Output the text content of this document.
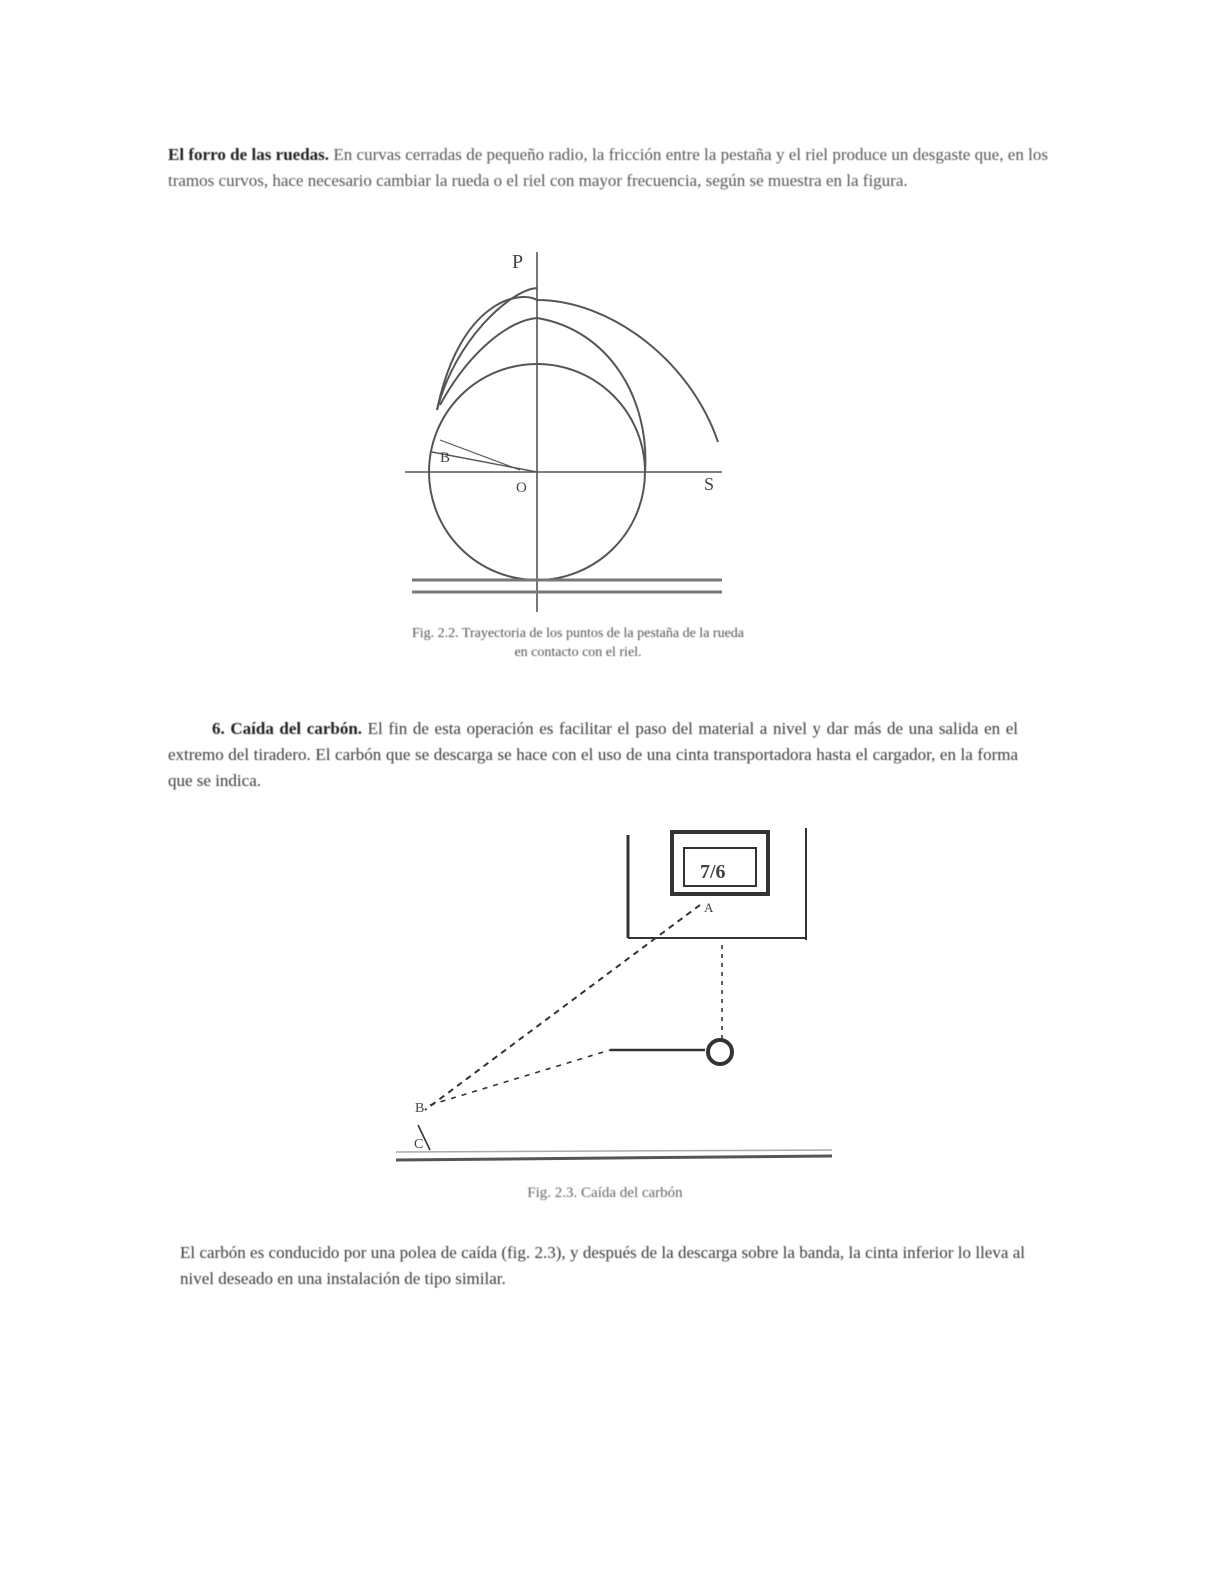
El forro de las ruedas. En curvas cerradas de pequeño radio, la fricción entre la pestaña y el riel produce un desgaste que, en los tramos curvos, hace necesario cambiar la rueda o el riel con mayor frecuencia, según se muestra en la figura.
P
B
O	S
7/6
A
B
C
Fig. 2.2. Trayectoria de los puntos de la pestaña de la rueda en contacto con el riel.
6. Caída del carbón. El fin de esta operación es facilitar el paso del material a nivel y dar más de una salida en el extremo del tiradero. El carbón que se descarga se hace con el uso de una cinta transportadora hasta el cargador, en la forma que se indica.
Fig. 2.3. Caída del carbón
El carbón es conducido por una polea de caída (fig. 2.3), y después de la descarga sobre la banda, la cinta inferior lo lleva al nivel deseado en una instalación de tipo similar.
